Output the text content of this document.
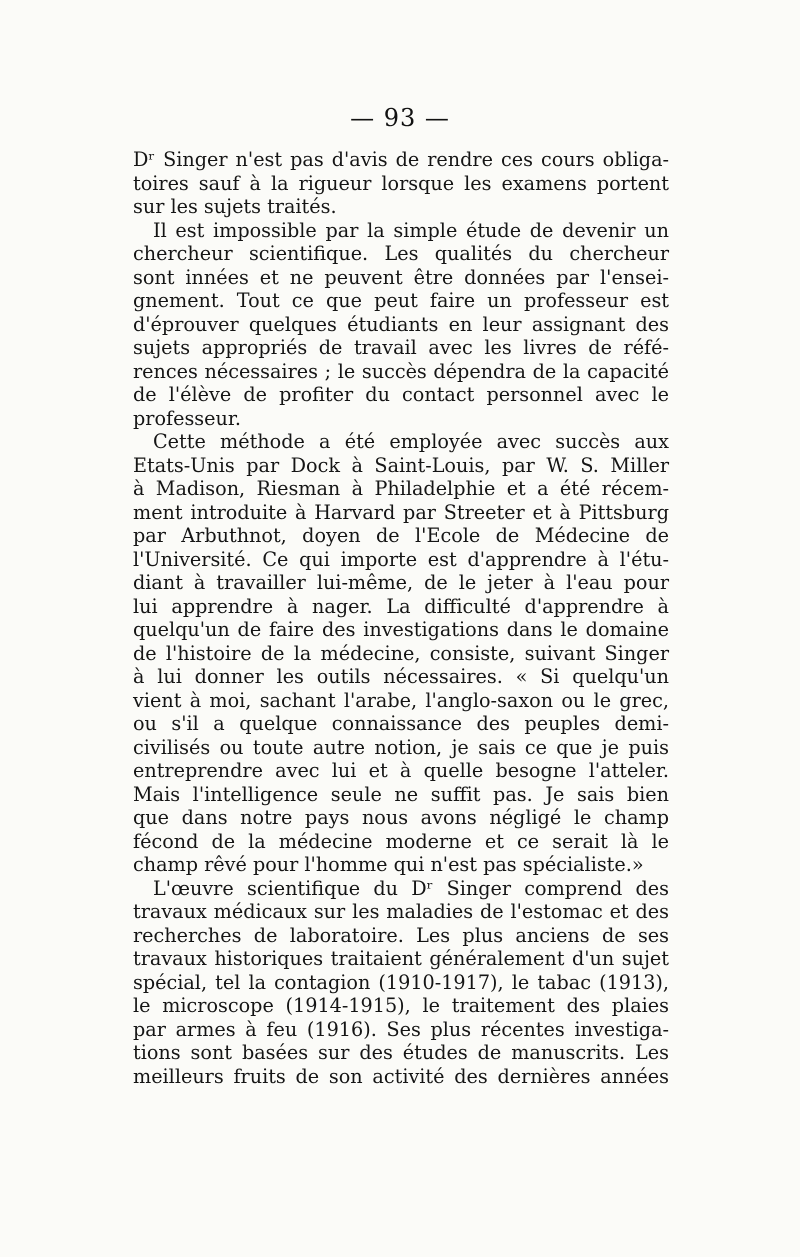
— 93 —
Dʳ Singer n'est pas d'avis de rendre ces cours obliga-
toires sauf à la rigueur lorsque les examens portent
sur les sujets traités.
Il est impossible par la simple étude de devenir un
chercheur scientifique. Les qualités du chercheur
sont innées et ne peuvent être données par l'ensei-
gnement. Tout ce que peut faire un professeur est
d'éprouver quelques étudiants en leur assignant des
sujets appropriés de travail avec les livres de réfé-
rences nécessaires ; le succès dépendra de la capacité
de l'élève de profiter du contact personnel avec le
professeur.
Cette méthode a été employée avec succès aux
Etats-Unis par Dock à Saint-Louis, par W. S. Miller
à Madison, Riesman à Philadelphie et a été récem-
ment introduite à Harvard par Streeter et à Pittsburg
par Arbuthnot, doyen de l'Ecole de Médecine de
l'Université. Ce qui importe est d'apprendre à l'étu-
diant à travailler lui-même, de le jeter à l'eau pour
lui apprendre à nager. La difficulté d'apprendre à
quelqu'un de faire des investigations dans le domaine
de l'histoire de la médecine, consiste, suivant Singer
à lui donner les outils nécessaires. « Si quelqu'un
vient à moi, sachant l'arabe, l'anglo-saxon ou le grec,
ou s'il a quelque connaissance des peuples demi-
civilisés ou toute autre notion, je sais ce que je puis
entreprendre avec lui et à quelle besogne l'atteler.
Mais l'intelligence seule ne suffit pas. Je sais bien
que dans notre pays nous avons négligé le champ
fécond de la médecine moderne et ce serait là le
champ rêvé pour l'homme qui n'est pas spécialiste.»
L'œuvre scientifique du Dʳ Singer comprend des
travaux médicaux sur les maladies de l'estomac et des
recherches de laboratoire. Les plus anciens de ses
travaux historiques traitaient généralement d'un sujet
spécial, tel la contagion (1910-1917), le tabac (1913),
le microscope (1914-1915), le traitement des plaies
par armes à feu (1916). Ses plus récentes investiga-
tions sont basées sur des études de manuscrits. Les
meilleurs fruits de son activité des dernières années
